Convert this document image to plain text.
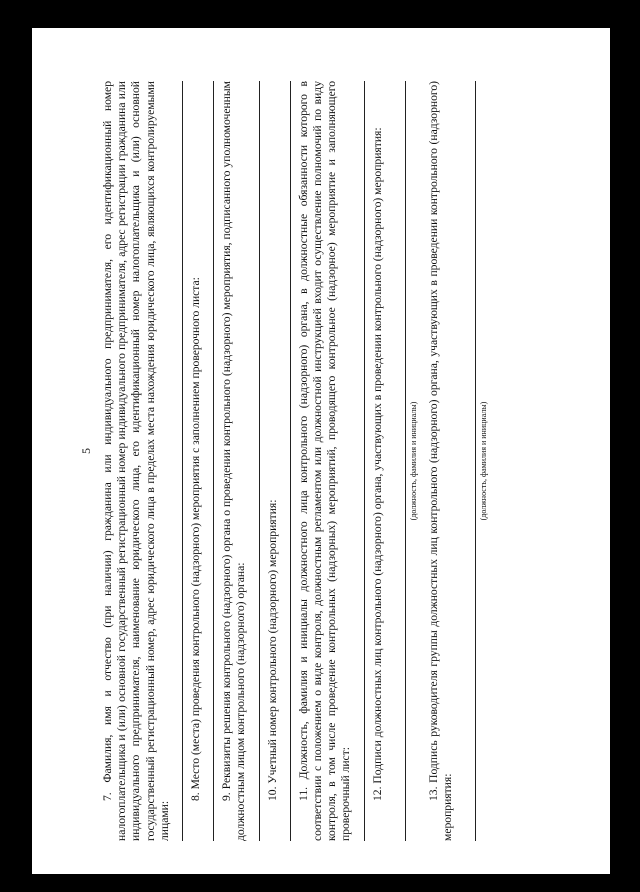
5 7. Фамилия, имя и отчество (при наличии) гражданина или индивидуального предпринимателя, его идентификационный номер налогоплательщика и (или) основной государственный регистрационный номер индивидуального предпринимателя, адрес регистрации гражданина или индивидуального предпринимателя, наименование юридического лица, его идентификационный номер налогоплательщика и (или) основной государственный регистрационный номер, адрес юридического лица в пределах места нахождения юридического лица, являющихся контролируемыми лицами:

8. Место (места) проведения контрольного (надзорного) мероприятия с заполнением проверочного листа: 9. Реквизиты решения контрольного (надзорного) органа о проведении контрольного (надзорного) мероприятия, подписанного уполномоченным должностным лицом контрольного (надзорного) органа: 10. Учетный номер контрольного (надзорного) мероприятия: 11. Должность, фамилия и инициалы должностного лица контрольного (надзорного) органа, в должностные обязанности которого в соответствии с положением о виде контроля, должностным регламентом или должностной инструкцией входит осуществление полномочий по виду контроля, в том числе проведение контрольных (надзорных) мероприятий, проводящего контрольное (надзорное) мероприятие и заполняющего проверочный лист: 12. Подписи должностных лиц контрольного (надзорного) органа, участвующих в проведении контрольного (надзорного) мероприятия:	(должность, фамилия и инициалы) 13. Подпись руководителя группы должностных лиц контрольного (надзорного) органа, участвующих в проведении контрольного (надзорного) мероприятия:

(должность, фамилия и инициалы)
